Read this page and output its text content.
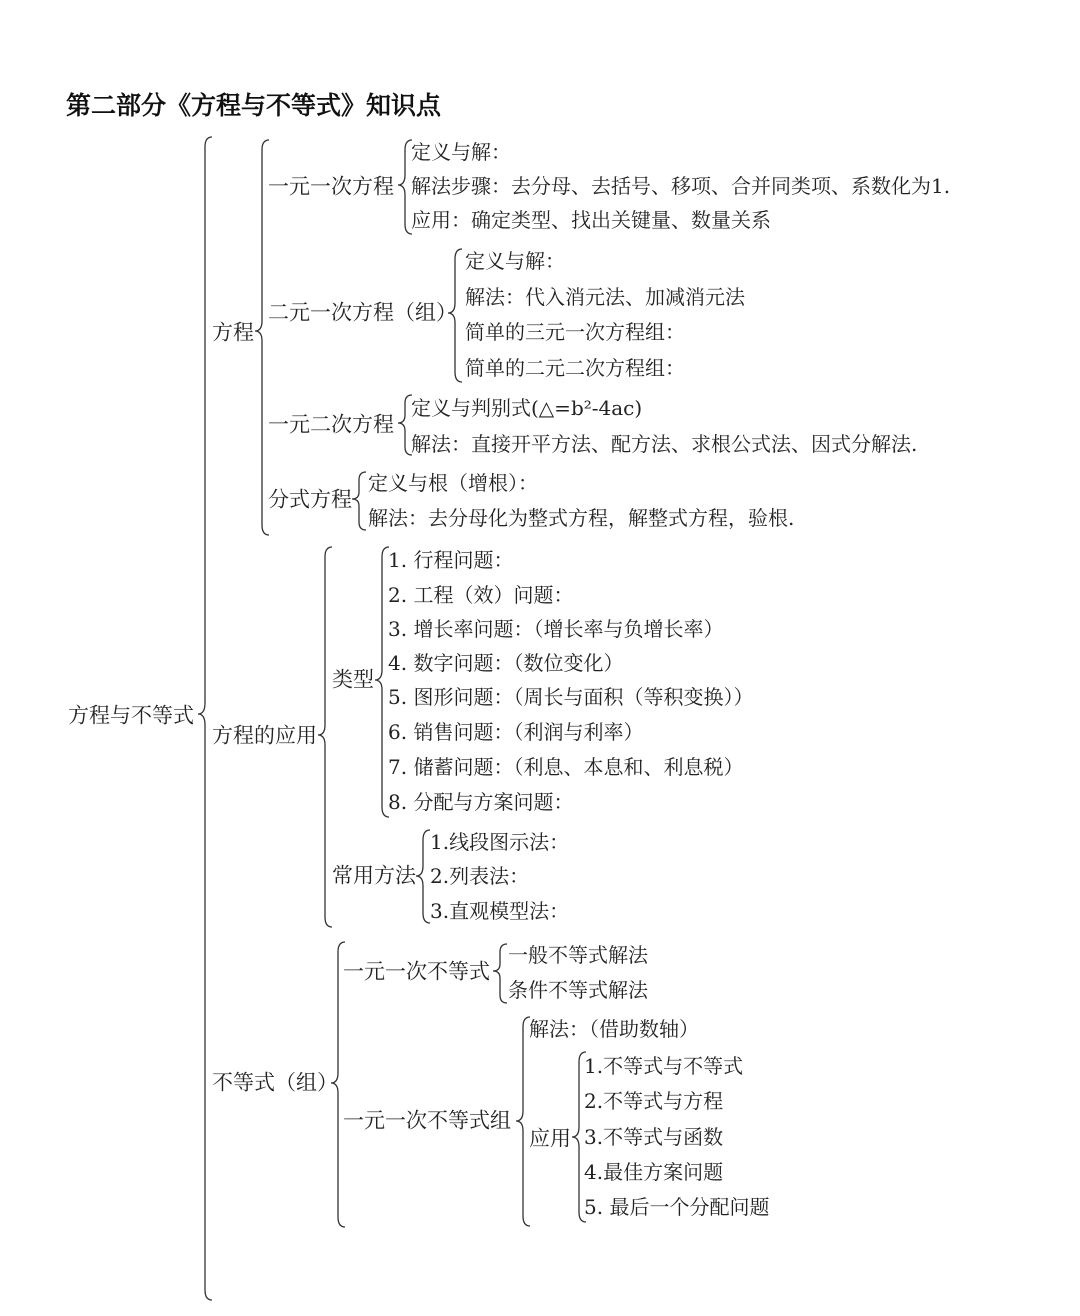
第二部分《方程与不等式》知识点
方程与不等式
方程
一元一次方程
定义与解：
解法步骤：去分母、去括号、移项、合并同类项、系数化为1.
应用：确定类型、找出关键量、数量关系
二元一次方程（组）
定义与解：
解法：代入消元法、加减消元法
简单的三元一次方程组：
简单的二元二次方程组：
一元二次方程
定义与判别式(△=b²-4ac)
解法：直接开平方法、配方法、求根公式法、因式分解法.
分式方程
定义与根（增根）：
解法：去分母化为整式方程，解整式方程，验根.
方程的应用
类型
1. 行程问题：
2. 工程（效）问题：
3. 增长率问题：（增长率与负增长率）
4. 数字问题：（数位变化）
5. 图形问题：（周长与面积（等积变换））
6. 销售问题：（利润与利率）
7. 储蓄问题：（利息、本息和、利息税）
8. 分配与方案问题：
常用方法
1.线段图示法：
2.列表法：
3.直观模型法：
不等式（组）
一元一次不等式
一般不等式解法
条件不等式解法
一元一次不等式组
解法：（借助数轴）
应用
1.不等式与不等式
2.不等式与方程
3.不等式与函数
4.最佳方案问题
5. 最后一个分配问题
